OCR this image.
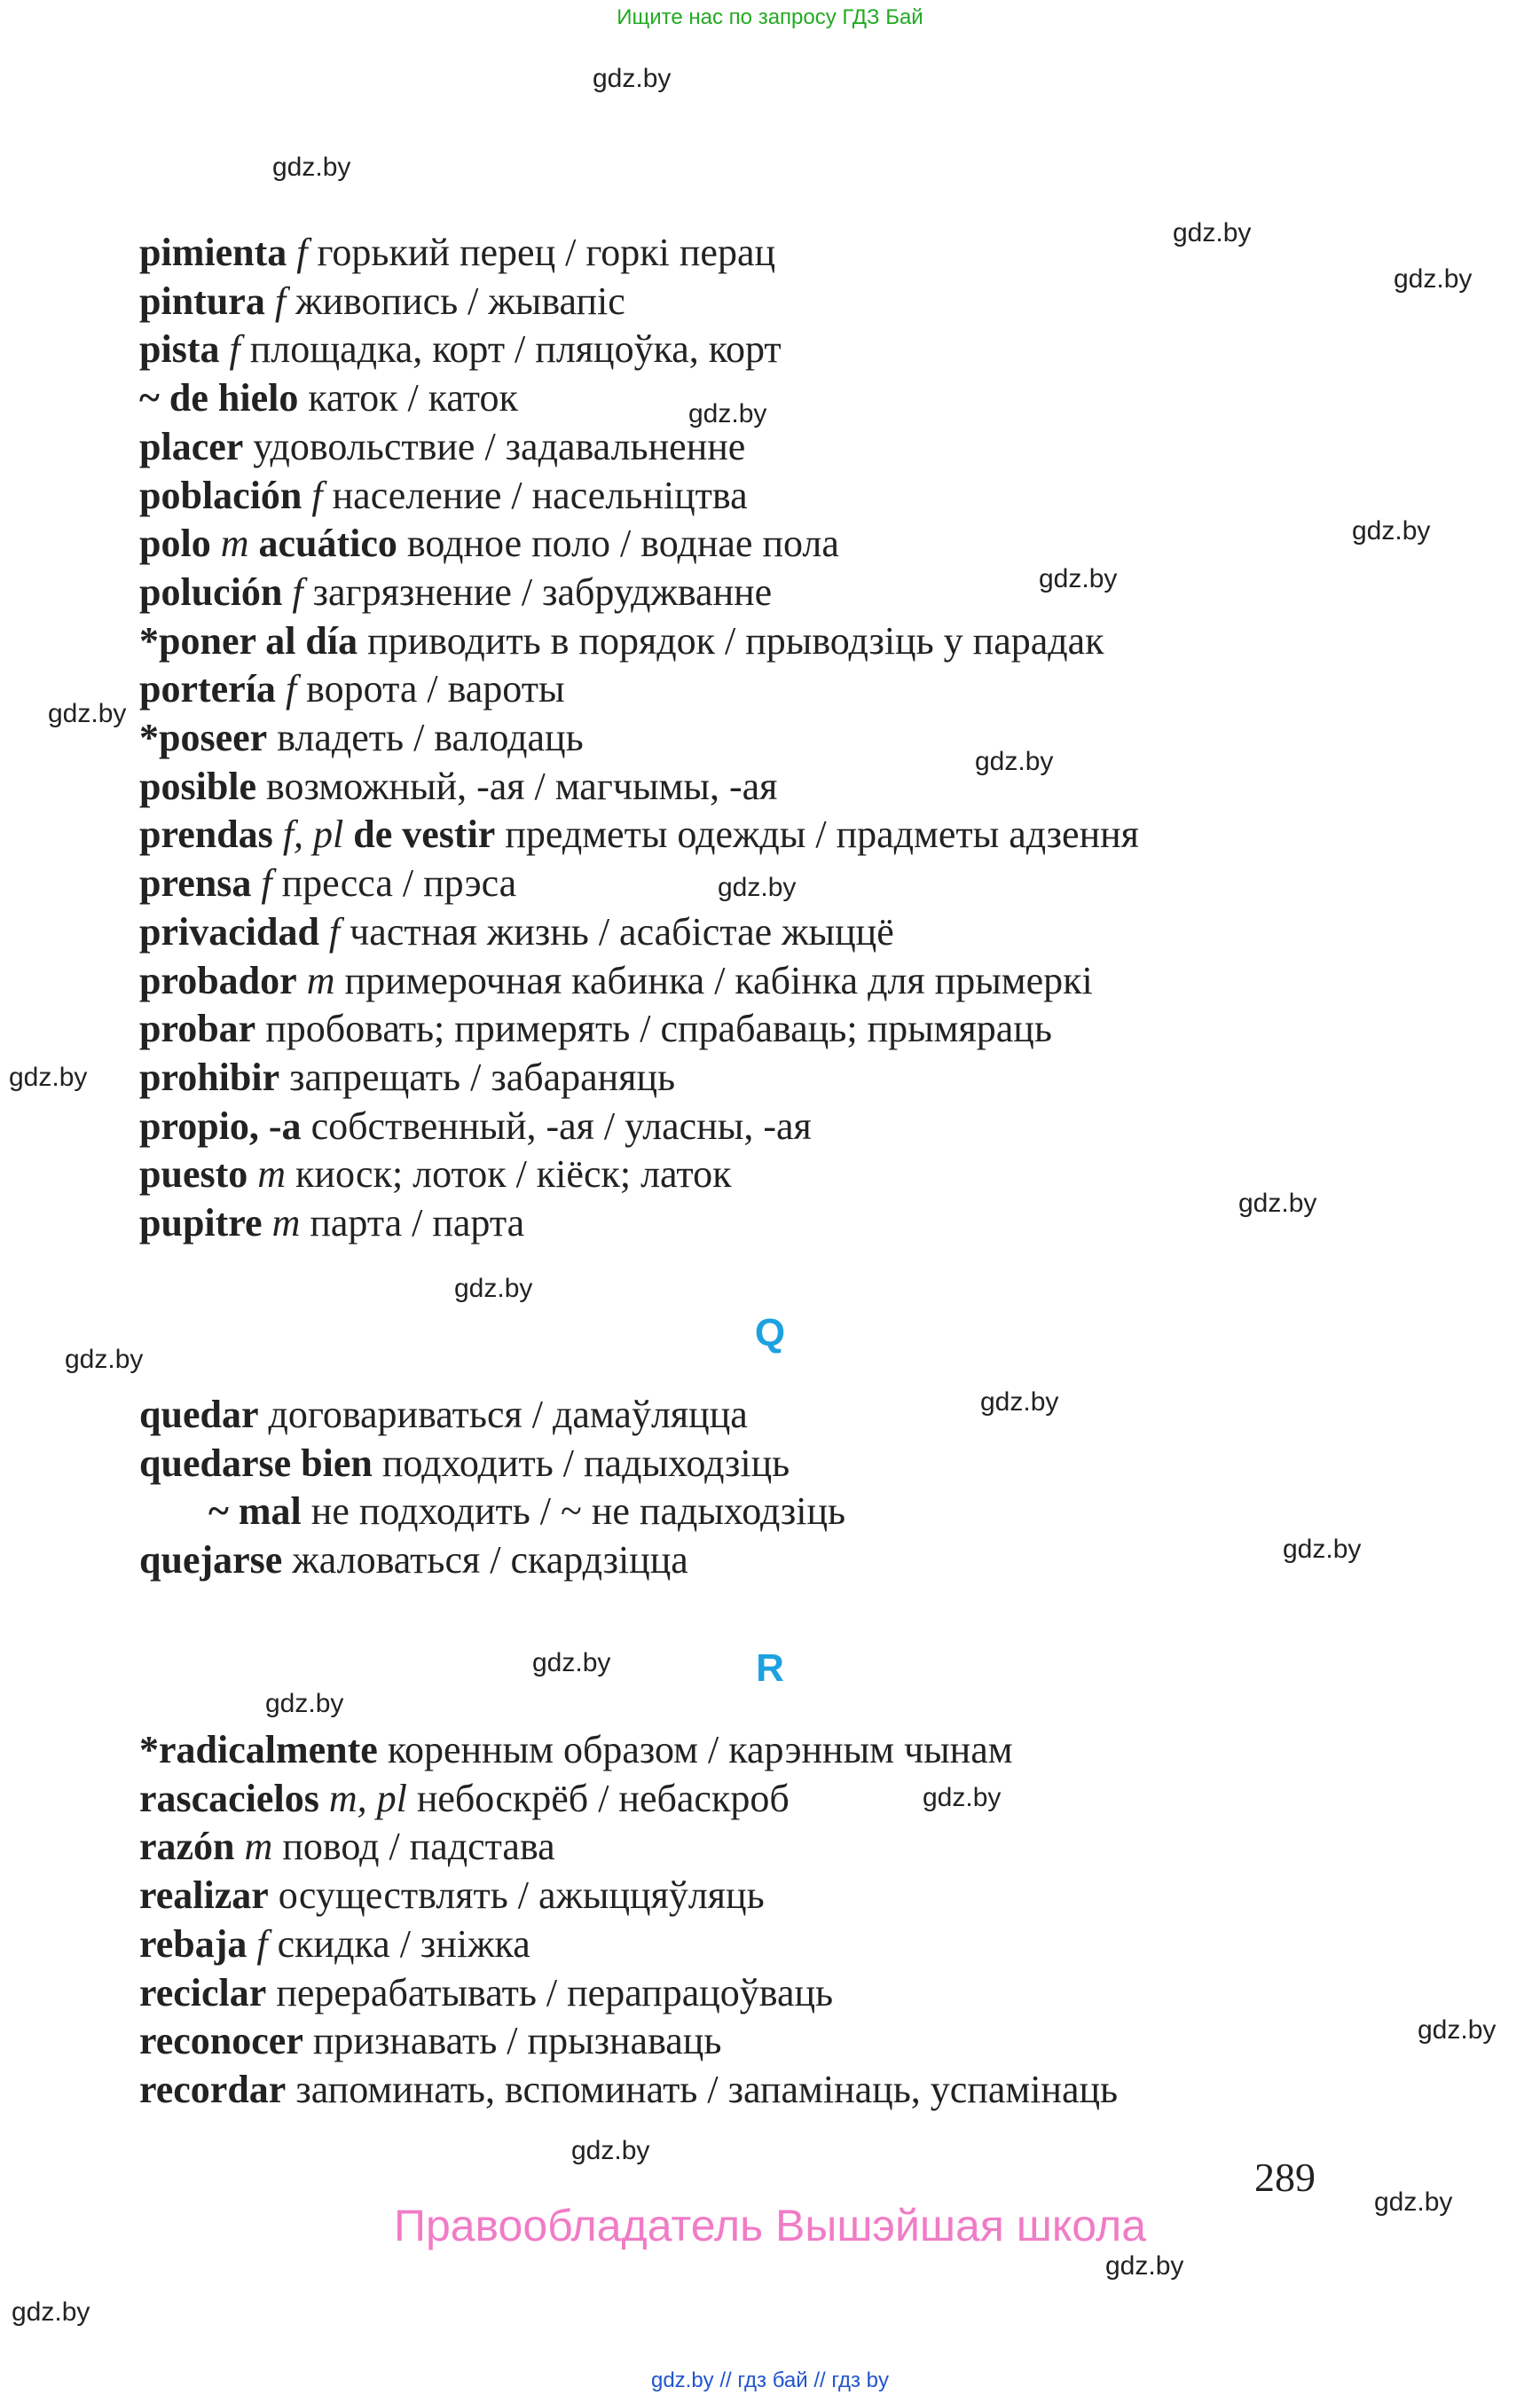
Ищите нас по запросу ГДЗ Бай
gdz.by
gdz.by
gdz.by
gdz.by
gdz.by
gdz.by
gdz.by
gdz.by
gdz.by
gdz.by
gdz.by
gdz.by
gdz.by
gdz.by
gdz.by
gdz.by
gdz.by
gdz.by
gdz.by
gdz.by
gdz.by
gdz.by
gdz.by
gdz.by
pimienta f горький перец / горкі перац
pintura f живопись / жывапіс
pista f площадка, корт / пляцоўка, корт
~ de hielo каток / каток
placer удовольствие / задавальненне
población f население / насельніцтва
polo m acuático водное поло / воднае пола
polución f загрязнение / забруджванне
*poner al día приводить в порядок / прыводзіць у парадак
portería f ворота / вароты
*poseer владеть / валодаць
posible возможный, -ая / магчымы, -ая
prendas f, pl de vestir предметы одежды / прадметы адзення
prensa f пресса / прэса
privacidad f частная жизнь / асабістае жыццё
probador m примерочная кабинка / кабінка для прымеркі
probar пробовать; примерять / спрабаваць; прымяраць
prohibir запрещать / забараняць
propio, -a собственный, -ая / уласны, -ая
puesto m киоск; лоток / кіёск; латок
pupitre m парта / парта
Q
quedar договариваться / дамаўляцца
quedarse bien подходить / падыходзіць
~ mal не подходить / ~ не падыходзіць
quejarse жаловаться / скардзіцца
R
*radicalmente коренным образом / карэнным чынам
rascacielos m, pl небоскрёб / небаскроб
razón m повод / падстава
realizar осуществлять / ажыццяўляць
rebaja f скидка / зніжка
reciclar перерабатывать / перапрацоўваць
reconocer признавать / прызнаваць
recordar запоминать, вспоминать / запамінаць, успамінаць
289
Правообладатель Вышэйшая школа
gdz.by // гдз бай // гдз by
